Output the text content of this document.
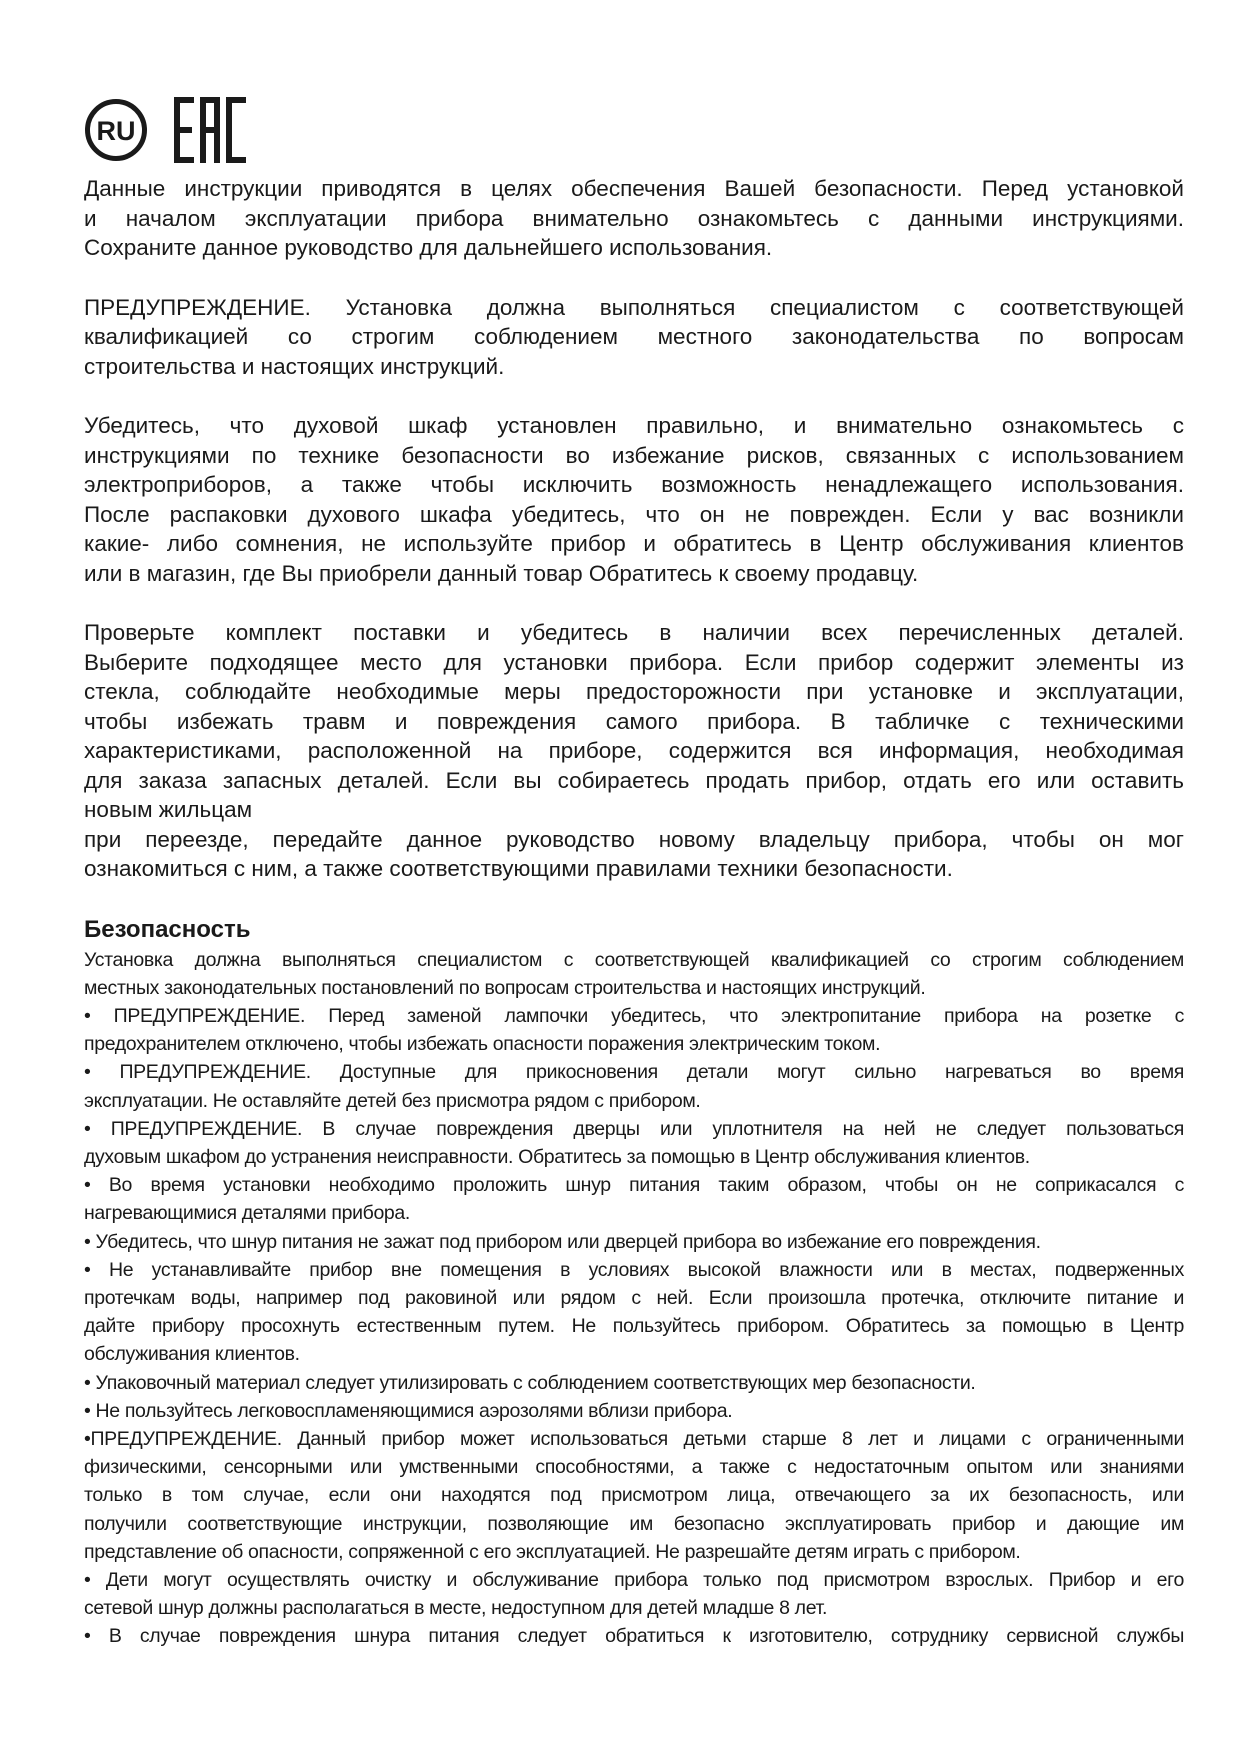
RU

Данные инструкции приводятся в целях обеспечения Вашей безопасности. Перед установкой
и началом эксплуатации прибора внимательно ознакомьтесь с данными инструкциями.
Сохраните данное руководство для дальнейшего использования.

ПРЕДУПРЕЖДЕНИЕ. Установка должна выполняться специалистом с соответствующей
квалификацией со строгим соблюдением местного законодательства по вопросам
строительства и настоящих инструкций.

Убедитесь, что духовой шкаф установлен правильно, и внимательно ознакомьтесь с
инструкциями по технике безопасности во избежание рисков, связанных с использованием
электроприборов, а также чтобы исключить возможность ненадлежащего использования.
После распаковки духового шкафа убедитесь, что он не поврежден. Если у вас возникли
какие- либо сомнения, не используйте прибор и обратитесь в Центр обслуживания клиентов
или в магазин, где Вы приобрели данный товар Обратитесь к своему продавцу.

Проверьте комплект поставки и убедитесь в наличии всех перечисленных деталей.
Выберите подходящее место для установки прибора. Если прибор содержит элементы из
стекла, соблюдайте необходимые меры предосторожности при установке и эксплуатации,
чтобы избежать травм и повреждения самого прибора. В табличке с техническими
характеристиками, расположенной на приборе, содержится вся информация, необходимая
для заказа запасных деталей. Если вы собираетесь продать прибор, отдать его или оставить
новым жильцам
при переезде, передайте данное руководство новому владельцу прибора, чтобы он мог
ознакомиться с ним, а также соответствующими правилами техники безопасности.

Безопасность
Установка должна выполняться специалистом с соответствующей квалификацией со строгим соблюдением
местных законодательных постановлений по вопросам строительства и настоящих инструкций.
• ПРЕДУПРЕЖДЕНИЕ. Перед заменой лампочки убедитесь, что электропитание прибора на розетке с
предохранителем отключено, чтобы избежать опасности поражения электрическим током.
• ПРЕДУПРЕЖДЕНИЕ. Доступные для прикосновения детали могут сильно нагреваться во время
эксплуатации. Не оставляйте детей без присмотра рядом с прибором.
• ПРЕДУПРЕЖДЕНИЕ. В случае повреждения дверцы или уплотнителя на ней не следует пользоваться
духовым шкафом до устранения неисправности. Обратитесь за помощью в Центр обслуживания клиентов.
• Во время установки необходимо проложить шнур питания таким образом, чтобы он не соприкасался с
нагревающимися деталями прибора.
• Убедитесь, что шнур питания не зажат под прибором или дверцей прибора во избежание его повреждения.
• Не устанавливайте прибор вне помещения в условиях высокой влажности или в местах, подверженных
протечкам воды, например под раковиной или рядом с ней. Если произошла протечка, отключите питание и
дайте прибору просохнуть естественным путем. Не пользуйтесь прибором. Обратитесь за помощью в Центр
обслуживания клиентов.
• Упаковочный материал следует утилизировать с соблюдением соответствующих мер безопасности.
• Не пользуйтесь легковоспламеняющимися аэрозолями вблизи прибора.
•ПРЕДУПРЕЖДЕНИЕ. Данный прибор может использоваться детьми старше 8 лет и лицами с ограниченными
физическими, сенсорными или умственными способностями, а также с недостаточным опытом или знаниями
только в том случае, если они находятся под присмотром лица, отвечающего за их безопасность, или
получили соответствующие инструкции, позволяющие им безопасно эксплуатировать прибор и дающие им
представление об опасности, сопряженной с его эксплуатацией. Не разрешайте детям играть с прибором.
• Дети могут осуществлять очистку и обслуживание прибора только под присмотром взрослых. Прибор и его
сетевой шнур должны располагаться в месте, недоступном для детей младше 8 лет.
• В случае повреждения шнура питания следует обратиться к изготовителю, сотруднику сервисной службы
